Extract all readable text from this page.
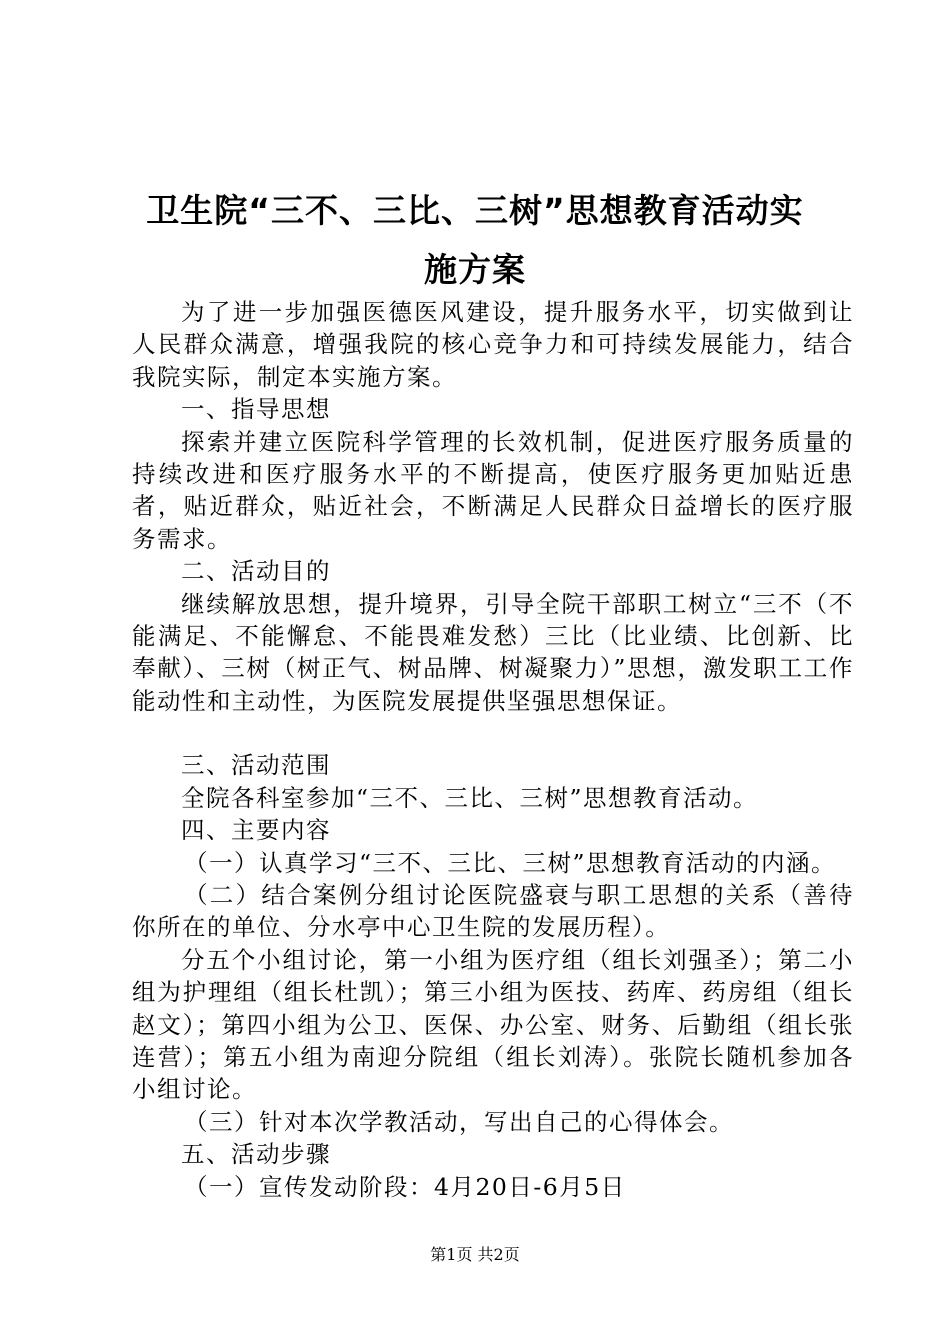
卫生院“三不、三比、三树”思想教育活动实
施方案

为了进一步加强医德医风建设，提升服务水平，切实做到让人民群众满意，增强我院的核心竞争力和可持续发展能力，结合我院实际，制定本实施方案。

一、指导思想

探索并建立医院科学管理的长效机制，促进医疗服务质量的持续改进和医疗服务水平的不断提高，使医疗服务更加贴近患者，贴近群众，贴近社会，不断满足人民群众日益增长的医疗服务需求。

二、活动目的

继续解放思想，提升境界，引导全院干部职工树立“三不（不能满足、不能懈怠、不能畏难发愁）三比（比业绩、比创新、比奉献）、三树（树正气、树品牌、树凝聚力）”思想，激发职工工作能动性和主动性，为医院发展提供坚强思想保证。

三、活动范围

全院各科室参加“三不、三比、三树”思想教育活动。

四、主要内容

（一）认真学习“三不、三比、三树”思想教育活动的内涵。

（二）结合案例分组讨论医院盛衰与职工思想的关系（善待你所在的单位、分水亭中心卫生院的发展历程）。

分五个小组讨论，第一小组为医疗组（组长刘强圣）；第二小组为护理组（组长杜凯）；第三小组为医技、药库、药房组（组长赵文）；第四小组为公卫、医保、办公室、财务、后勤组（组长张连营）；第五小组为南迎分院组（组长刘涛）。张院长随机参加各小组讨论。

（三）针对本次学教活动，写出自己的心得体会。

五、活动步骤

（一）宣传发动阶段：4月20日-6月5日

第1页 共2页
